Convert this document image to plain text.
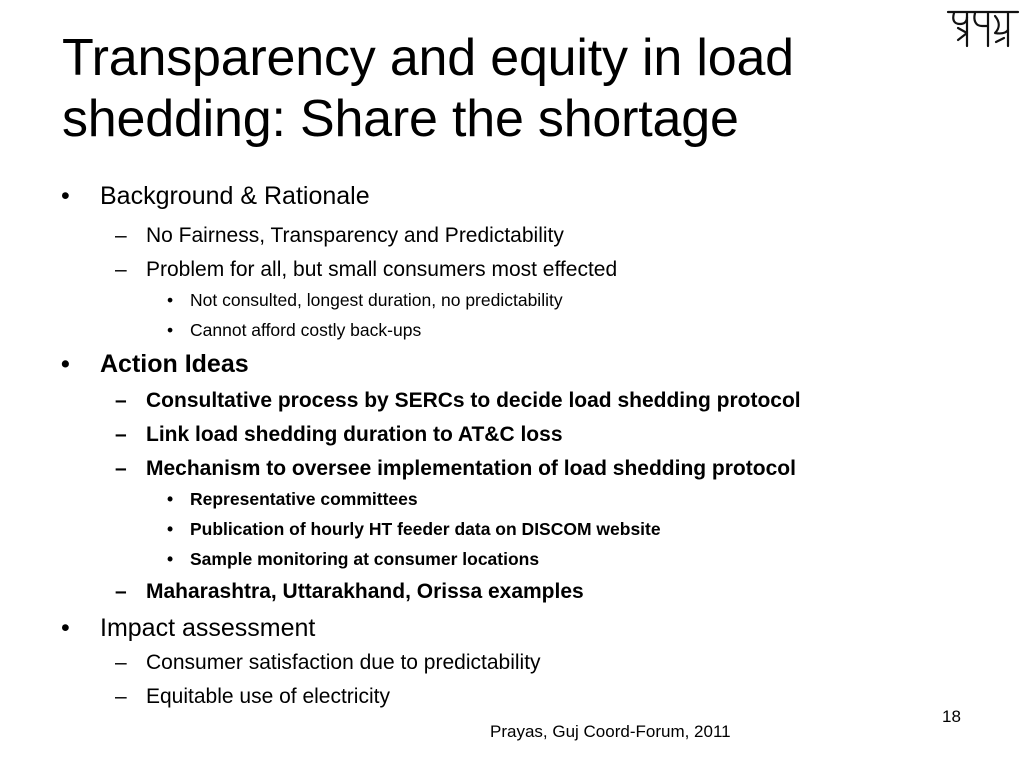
Transparency and equity in load
shedding: Share the shortage
• Background & Rationale
– No Fairness, Transparency and Predictability
– Problem for all, but small consumers most effected
• Not consulted, longest duration, no predictability
• Cannot afford costly back-ups
• Action Ideas
– Consultative process by SERCs to decide load shedding protocol
– Link load shedding duration to AT&C loss
– Mechanism to oversee implementation of load shedding protocol
• Representative committees
• Publication of hourly HT feeder data on DISCOM website
• Sample monitoring at consumer locations
– Maharashtra, Uttarakhand, Orissa examples
• Impact assessment
– Consumer satisfaction due to predictability
– Equitable use of electricity
Prayas, Guj Coord-Forum, 2011
18
